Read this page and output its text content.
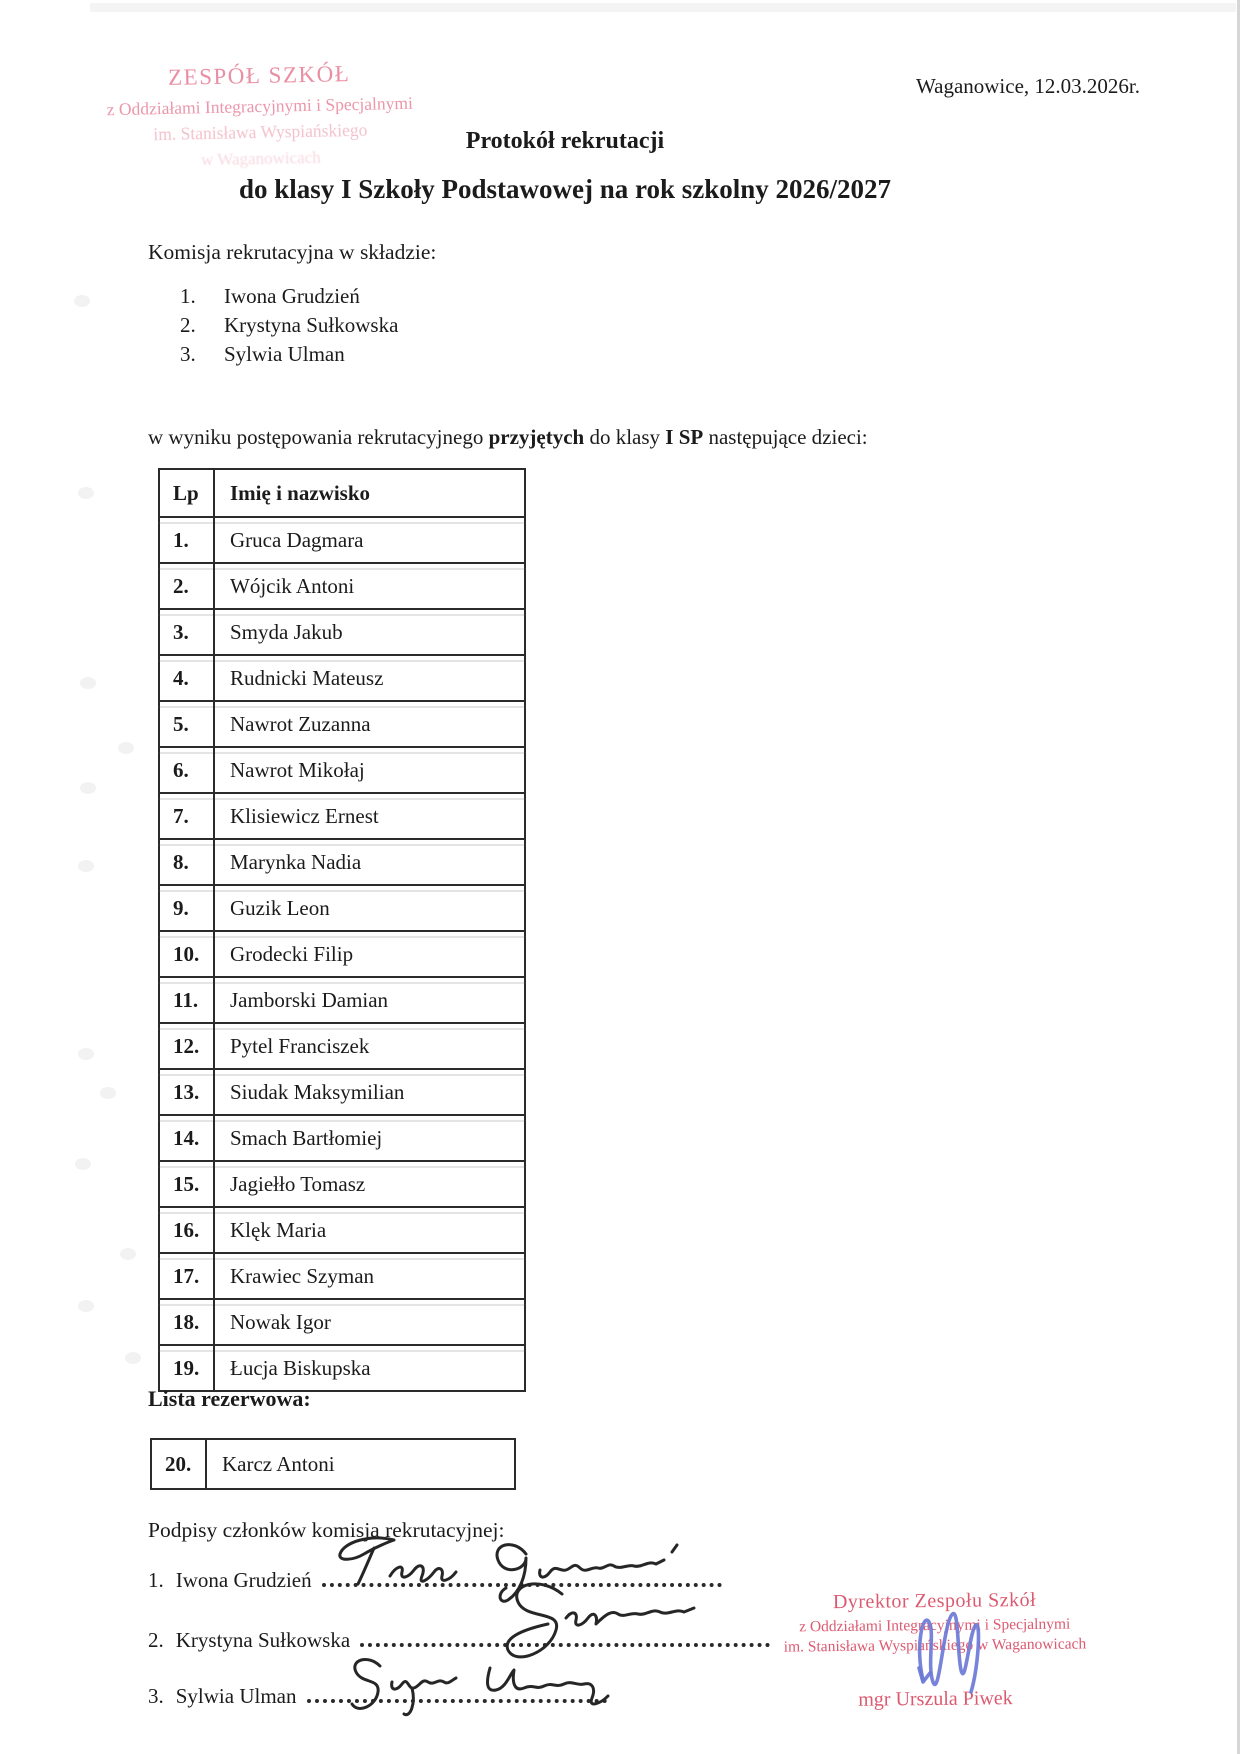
ZESPÓŁ SZKÓŁ
z Oddziałami Integracyjnymi i Specjalnymi
im. Stanisława Wyspiańskiego
w Waganowicach
Waganowice, 12.03.2026r.
Protokół rekrutacji
do klasy I Szkoły Podstawowej na rok szkolny 2026/2027
Komisja rekrutacyjna w składzie:
1.	Iwona Grudzień
2.	Krystyna Sułkowska
3.	Sylwia Ulman
w wyniku postępowania rekrutacyjnego przyjętych do klasy I SP następujące dzieci:
Lp	Imię i nazwisko
1.	Gruca Dagmara
2.	Wójcik Antoni
3.	Smyda Jakub
4.	Rudnicki Mateusz
5.	Nawrot Zuzanna
6.	Nawrot Mikołaj
7.	Klisiewicz Ernest
8.	Marynka Nadia
9.	Guzik Leon
10.	Grodecki Filip
11.	Jamborski Damian
12.	Pytel Franciszek
13.	Siudak Maksymilian
14.	Smach Bartłomiej
15.	Jagiełło Tomasz
16.	Klęk Maria
17.	Krawiec Szyman
18.	Nowak Igor
19.	Łucja Biskupska
Lista rezerwowa:
20.	Karcz Antoni
Podpisy członków komisja rekrutacyjnej:
1. Iwona Grudzień
2. Krystyna Sułkowska
3. Sylwia Ulman
Dyrektor Zespołu Szkół
z Oddziałami Integracyjnymi i Specjalnymi
im. Stanisława Wyspiańskiego w Waganowicach
mgr Urszula Piwek
